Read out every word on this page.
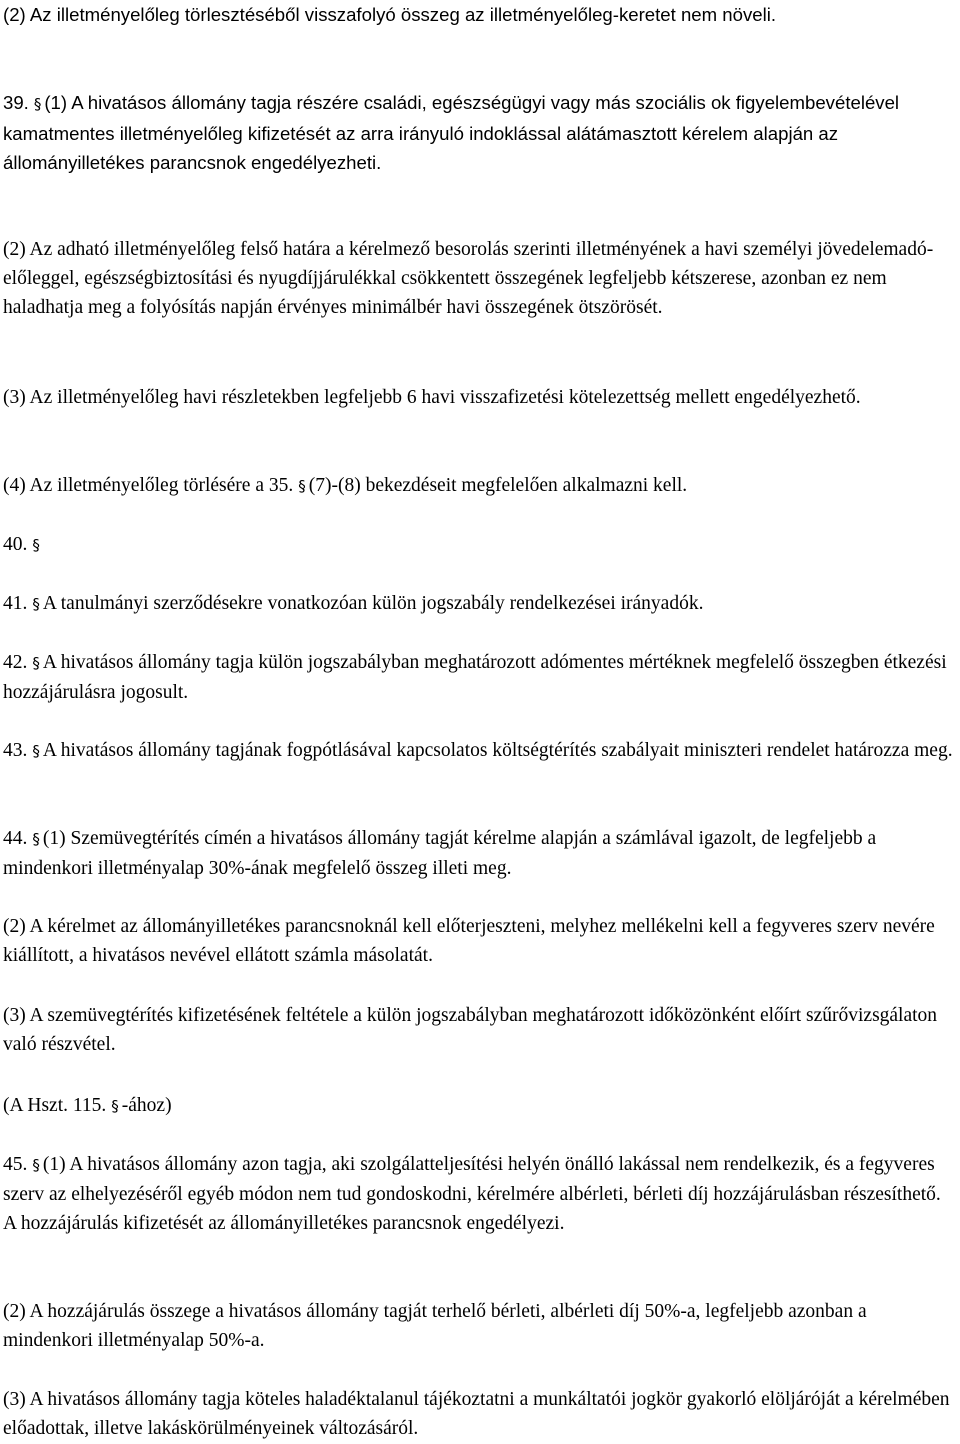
(2) Az illetményelőleg törlesztéséből visszafolyó összeg az illetményelőleg-keretet nem növeli.

39. § (1) A hivatásos állomány tagja részére családi, egészségügyi vagy más szociális ok figyelembevételével kamatmentes illetményelőleg kifizetését az arra irányuló indoklással alátámasztott kérelem alapján az állományilletékes parancsnok engedélyezheti.

(2) Az adható illetményelőleg felső határa a kérelmező besorolás szerinti illetményének a havi személyi jövedelemadó-előleggel, egészségbiztosítási és nyugdíjjárulékkal csökkentett összegének legfeljebb kétszerese, azonban ez nem haladhatja meg a folyósítás napján érvényes minimálbér havi összegének ötszörösét.

(3) Az illetményelőleg havi részletekben legfeljebb 6 havi visszafizetési kötelezettség mellett engedélyezhető.

(4) Az illetményelőleg törlésére a 35. § (7)-(8) bekezdéseit megfelelően alkalmazni kell.

40. §

41. § A tanulmányi szerződésekre vonatkozóan külön jogszabály rendelkezései irányadók.

42. § A hivatásos állomány tagja külön jogszabályban meghatározott adómentes mértéknek megfelelő összegben étkezési hozzájárulásra jogosult.

43. § A hivatásos állomány tagjának fogpótlásával kapcsolatos költségtérítés szabályait miniszteri rendelet határozza meg.

44. § (1) Szemüvegtérítés címén a hivatásos állomány tagját kérelme alapján a számlával igazolt, de legfeljebb a mindenkori illetményalap 30%-ának megfelelő összeg illeti meg.

(2) A kérelmet az állományilletékes parancsnoknál kell előterjeszteni, melyhez mellékelni kell a fegyveres szerv nevére kiállított, a hivatásos nevével ellátott számla másolatát.

(3) A szemüvegtérítés kifizetésének feltétele a külön jogszabályban meghatározott időközönként előírt szűrővizsgálaton való részvétel.

(A Hszt. 115. § -ához)

45. § (1) A hivatásos állomány azon tagja, aki szolgálatteljesítési helyén önálló lakással nem rendelkezik, és a fegyveres szerv az elhelyezéséről egyéb módon nem tud gondoskodni, kérelmére albérleti, bérleti díj hozzájárulásban részesíthető. A hozzájárulás kifizetését az állományilletékes parancsnok engedélyezi.

(2) A hozzájárulás összege a hivatásos állomány tagját terhelő bérleti, albérleti díj 50%-a, legfeljebb azonban a mindenkori illetményalap 50%-a.

(3) A hivatásos állomány tagja köteles haladéktalanul tájékoztatni a munkáltatói jogkör gyakorló elöljáróját a kérelmében előadottak, illetve lakáskörülményeinek változásáról.
